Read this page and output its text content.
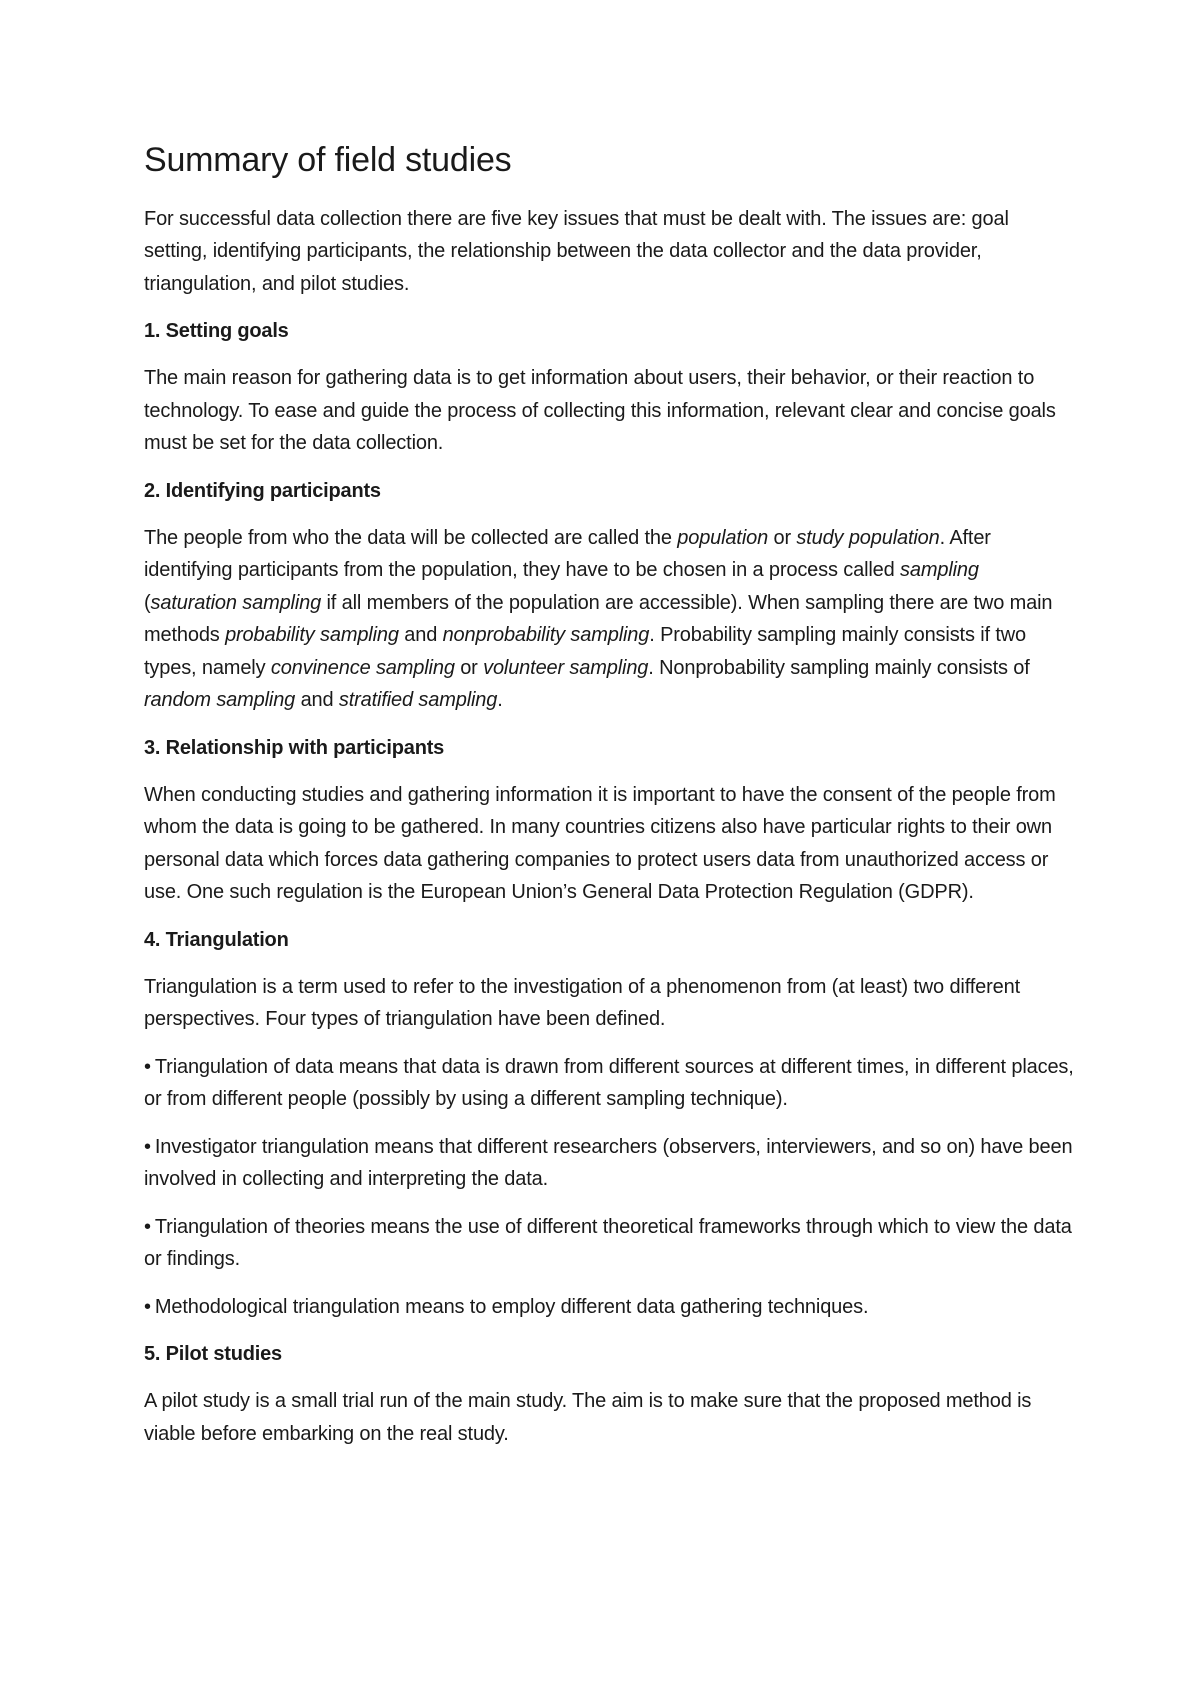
Summary of field studies

For successful data collection there are five key issues that must be dealt with. The issues are: goal setting, identifying participants, the relationship between the data collector and the data provider, triangulation, and pilot studies.

1. Setting goals

The main reason for gathering data is to get information about users, their behavior, or their reaction to technology. To ease and guide the process of collecting this information, relevant clear and concise goals must be set for the data collection.

2. Identifying participants

The people from who the data will be collected are called the population or study population. After identifying participants from the population, they have to be chosen in a process called sampling (saturation sampling if all members of the population are accessible). When sampling there are two main methods probability sampling and nonprobability sampling. Probability sampling mainly consists if two types, namely convinence sampling or volunteer sampling. Nonprobability sampling mainly consists of random sampling and stratified sampling.

3. Relationship with participants

When conducting studies and gathering information it is important to have the consent of the people from whom the data is going to be gathered. In many countries citizens also have particular rights to their own personal data which forces data gathering companies to protect users data from unauthorized access or use. One such regulation is the European Union’s General Data Protection Regulation (GDPR).

4. Triangulation

Triangulation is a term used to refer to the investigation of a phenomenon from (at least) two different perspectives. Four types of triangulation have been defined.

• Triangulation of data means that data is drawn from different sources at different times, in different places, or from different people (possibly by using a different sampling technique).

• Investigator triangulation means that different researchers (observers, interviewers, and so on) have been involved in collecting and interpreting the data.

• Triangulation of theories means the use of different theoretical frameworks through which to view the data or findings.

• Methodological triangulation means to employ different data gathering techniques.

5. Pilot studies

A pilot study is a small trial run of the main study. The aim is to make sure that the proposed method is viable before embarking on the real study.
